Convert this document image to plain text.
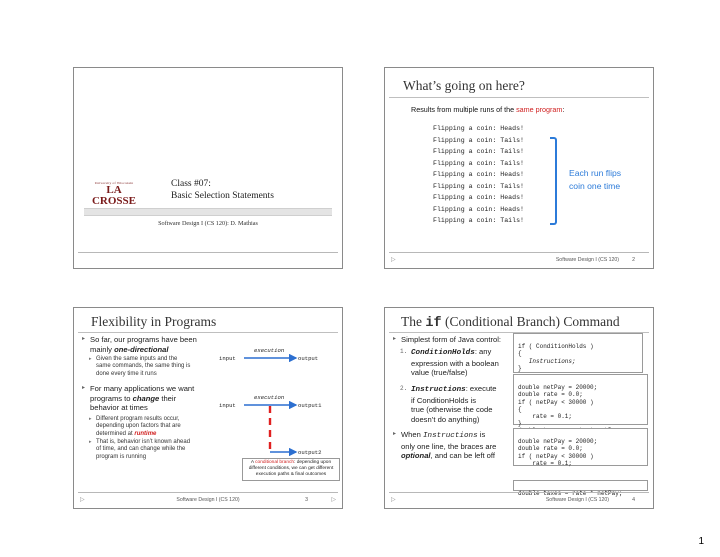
University of Wisconsin
LA CROSSE
Class #07:
Basic Selection Statements
Software Design I (CS 120): D. Mathias
What’s going on here?
Results from multiple runs of the same program:
Flipping a coin: Heads!
Flipping a coin: Tails!
Flipping a coin: Tails!
Flipping a coin: Tails!
Flipping a coin: Heads!
Flipping a coin: Tails!
Flipping a coin: Heads!
Flipping a coin: Heads!
Flipping a coin: Tails!
Each run flips
coin one time
▷	Software Design I (CS 120)	2
Flexibility in Programs
▸ So far, our programs have been
mainly one-directional
▸ Given the same inputs and the
same commands, the same thing is
done every time it runs
▸ For many applications we want
programs to change their
behavior at times
▸ Different program results occur,
depending upon factors that are
determined at runtime
▸ That is, behavior isn’t known ahead
of time, and can change while the
program is running
execution
input	output
execution
input	output1
output2
A conditional branch: depending upon
different conditions, we can get different
execution paths & final outcomes
▷	Software Design I (CS 120)	3	▷
The if (Conditional Branch) Command
▸ Simplest form of Java control:
1. ConditionHolds: any
expression with a boolean
value (true/false)
2. Instructions: execute
if ConditionHolds is
true (otherwise the code
doesn’t do anything)
▸ When Instructions is
only one line, the braces are
optional, and can be left off

if ( ConditionHolds )
{
Instructions;
}

double netPay = 20000;
double rate = 0.0;
if ( netPay < 30000 )
{
rate = 0.1;
}

double netPay = 20000;
double rate = 0.0;
if ( netPay < 30000 )
rate = 0.1;

double taxes = rate * netPay;
▷	Software Design I (CS 120)	4
1
